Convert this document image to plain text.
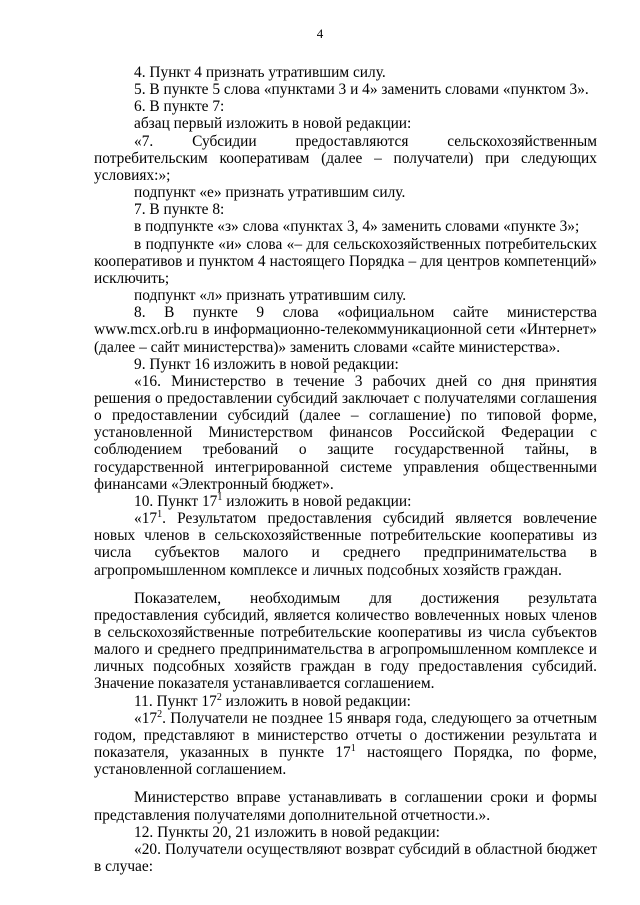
4

4. Пункт 4 признать утратившим силу.

5. В пункте 5 слова «пунктами 3 и 4» заменить словами «пунктом 3».

6. В пункте 7:

абзац первый изложить в новой редакции:

«7. Субсидии предоставляются сельскохозяйственным потребительским кооперативам (далее – получатели) при следующих условиях:»;

подпункт «е» признать утратившим силу.

7. В пункте 8:

в подпункте «з» слова «пунктах 3, 4» заменить словами «пункте 3»;

в подпункте «и» слова «– для сельскохозяйственных потребительских кооперативов и пунктом 4 настоящего Порядка – для центров компетенций» исключить;

подпункт «л» признать утратившим силу.

8. В пункте 9 слова «официальном сайте министерства www.mcx.orb.ru в информационно-телекоммуникационной сети «Интернет» (далее – сайт министерства)» заменить словами «сайте министерства».

9. Пункт 16 изложить в новой редакции:

«16. Министерство в течение 3 рабочих дней со дня принятия решения о предоставлении субсидий заключает с получателями соглашения о предоставлении субсидий (далее – соглашение) по типовой форме, установленной Министерством финансов Российской Федерации с соблюдением требований о защите государственной тайны, в государственной интегрированной системе управления общественными финансами «Электронный бюджет».

10. Пункт $17^1$ изложить в новой редакции:

«$17^1$. Результатом предоставления субсидий является вовлечение новых членов в сельскохозяйственные потребительские кооперативы из числа субъектов малого и среднего предпринимательства в агропромышленном комплексе и личных подсобных хозяйств граждан.

Показателем, необходимым для достижения результата предоставления субсидий, является количество вовлеченных новых членов в сельскохозяйственные потребительские кооперативы из числа субъектов малого и среднего предпринимательства в агропромышленном комплексе и личных подсобных хозяйств граждан в году предоставления субсидий. Значение показателя устанавливается соглашением.

11. Пункт $17^2$ изложить в новой редакции:

«$17^2$. Получатели не позднее 15 января года, следующего за отчетным годом, представляют в министерство отчеты о достижении результата и показателя, указанных в пункте $17^1$ настоящего Порядка, по форме, установленной соглашением.

Министерство вправе устанавливать в соглашении сроки и формы представления получателями дополнительной отчетности.».

12. Пункты 20, 21 изложить в новой редакции:

«20. Получатели осуществляют возврат субсидий в областной бюджет в случае:
